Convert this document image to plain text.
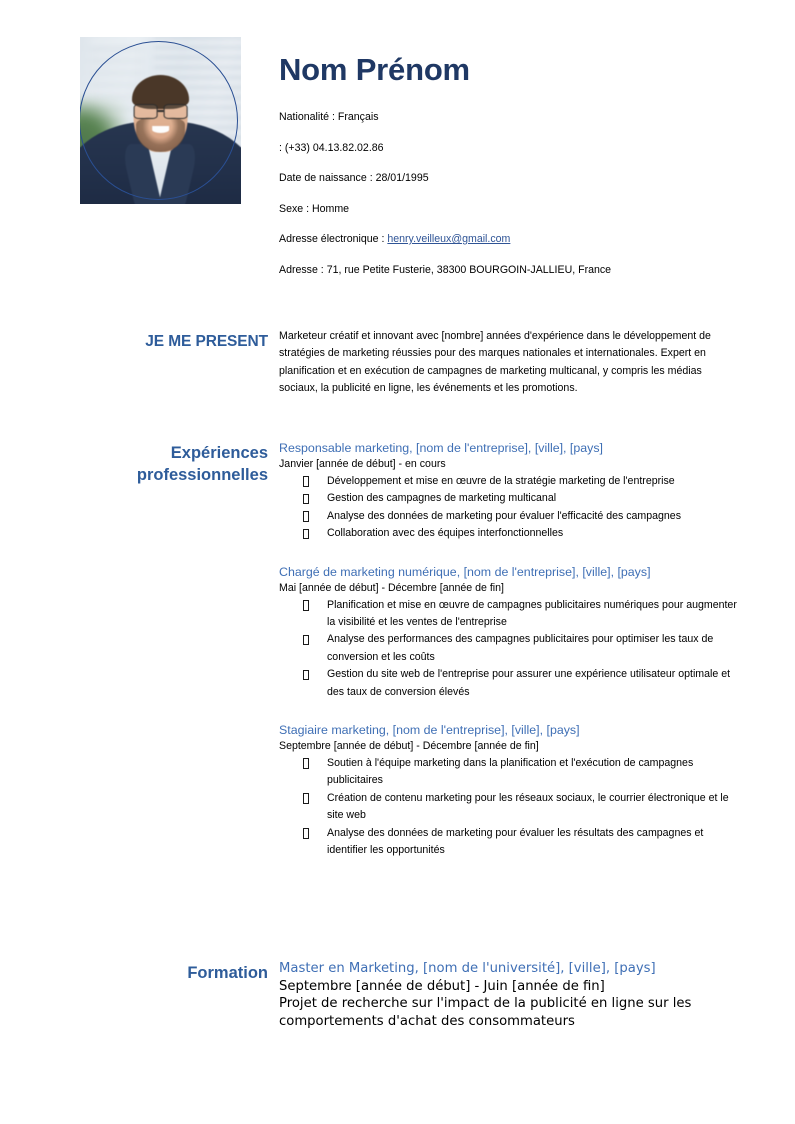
Nom Prénom
Nationalité : Français
: (+33) 04.13.82.02.86
Date de naissance : 28/01/1995
Sexe : Homme
Adresse électronique : henry.veilleux@gmail.com
Adresse : 71, rue Petite Fusterie, 38300 BOURGOIN-JALLIEU, France
JE ME PRESENT Marketeur créatif et innovant avec [nombre] années d'expérience dans le développement de stratégies de marketing réussies pour des marques nationales et internationales. Expert en planification et en exécution de campagnes de marketing multicanal, y compris les médias sociaux, la publicité en ligne, les événements et les promotions.
Expériences
professionnelles
Responsable marketing, [nom de l'entreprise], [ville], [pays]
Janvier [année de début] - en cours
Développement et mise en œuvre de la stratégie marketing de l'entreprise
Gestion des campagnes de marketing multicanal
Analyse des données de marketing pour évaluer l'efficacité des campagnes
Collaboration avec des équipes interfonctionnelles
Chargé de marketing numérique, [nom de l'entreprise], [ville], [pays]
Mai [année de début] - Décembre [année de fin]
Planification et mise en œuvre de campagnes publicitaires numériques pour augmenter la visibilité et les ventes de l'entreprise
Analyse des performances des campagnes publicitaires pour optimiser les taux de conversion et les coûts
Gestion du site web de l'entreprise pour assurer une expérience utilisateur optimale et des taux de conversion élevés
Stagiaire marketing, [nom de l'entreprise], [ville], [pays]
Septembre [année de début] - Décembre [année de fin]
Soutien à l'équipe marketing dans la planification et l'exécution de campagnes publicitaires
Création de contenu marketing pour les réseaux sociaux, le courrier électronique et le site web
Analyse des données de marketing pour évaluer les résultats des campagnes et identifier les opportunités
Formation Master en Marketing, [nom de l'université], [ville], [pays]
Septembre [année de début] - Juin [année de fin]
Projet de recherche sur l'impact de la publicité en ligne sur les comportements d'achat des consommateurs
